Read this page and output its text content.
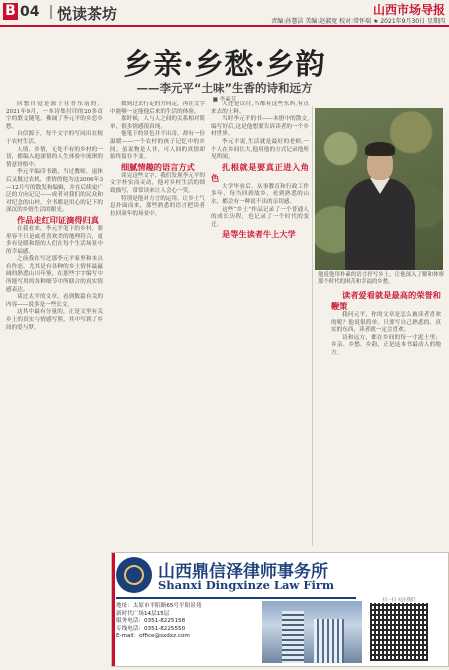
B 04 悦读茶坊	山西市场导报
责编:孙慧洁 美编:赵淑宽 校对:常怀瑞 ★ 2021年9月30日 星期四
乡亲·乡愁·乡韵
——李元平“土味”生香的诗和远方
■ 李素芳

回想自觉是源于在晋东南的。2021年9月，一本诗集付印的20多首字的歌文随笔，佛阔了李元平的乡恋乡愁。

自信源于，每个文字的写同出在根于农村生活。

人情、乡情，无处不有的乡村的一切，都编入他深情的人生体验中流窜的情意骨格中。

李元平编印书籍，当过教师，退休后又做过农机，重情的他为这2006年3—12月写的散发和编辑，并在后续更广泛的方向记记——成者对我们的民众和对纪念的山村。全书都是用心的记下的深沉的乡情生活的眼光。

作品走红印证滴得归真

在我看来，李元平笔下的乡村，要形容不只是或者喜欢美的地理符合，更多有是暖和谐的人们在每个生活场景中的幸福感。

之前我在写过那李元平家里和本点有作态，尤其是有各种的乡土情怀最赢阔的熟悉山川年鉴，在那些字字编写中所能写用的各种细节中所联合的真实情感表达。

谈过太平的文章，看到数篇有关的内容——说多是一些长文。

这其中最有分量的，正是文里有关乡土的真实与情感写照，其中写到了乡间的爱与梦。

数到过去行走的方向走，再在文字中能够一定能他后来的生活的体验。

那时候，人与人之间的关系相对简单，很多情感很真纯。

他笔下的景色并不出奇，却有一份温暖——一个农村的孩子记忆中的乡间，虽说物是人非，可人间的真情却始终留存不变。

细腻情趣的语言方式

读完这些文字，我们发现李元平的文字朴实而灵动，他对乡村生活的细致描写，常常读来让人会心一笑。

特别是他对方言的运用，让乡土气息扑面而来，那些熟悉的语言把读者拉回童年的场景中。

人还是以往,当都有这些东西,有点来去的土料。

当时李元平的书——本册中的散文,编写好后,这是他想要告诉读者的一个乡村世界。

李元平说,生活就是最好的老师,一个人在乡间长大,他用他的方式记录他所见所闻。

扎根就是要真正进入角色

大学毕业后，从事教育和行政工作多年，每当回到故乡，看到熟悉的山水，都会有一种说不出的亲切感。

这些“乡土”作品记录了一个普通人的成长历程，也记录了一个时代的变迁。

是等生读者牛上大学

他说他用朴素的语言抒写乡土，让他深入了解和体察那个时代的困苦和幸福的乡愁。

读者爱看就是最高的荣誉和鞭策

我问元平，你的文章是怎么被读者喜欢的呢？他说很简单，只要写自己熟悉的、真实的东西，读者就一定会喜欢。

诗和远方，都在乡间的每一寸泥土里；乡亲、乡愁、乡韵，正是这本书最动人的地方。

山西鼎信泽律师事务所
Shanxi Dingxinze Law Firm
地址：太原市平阳路65号平阳景苑
新时代广场14层15层
服务电话：0351-8225158
专线电话：0351-8225550
E-mail：office@sxdxz.com
扫一扫 关注我们
